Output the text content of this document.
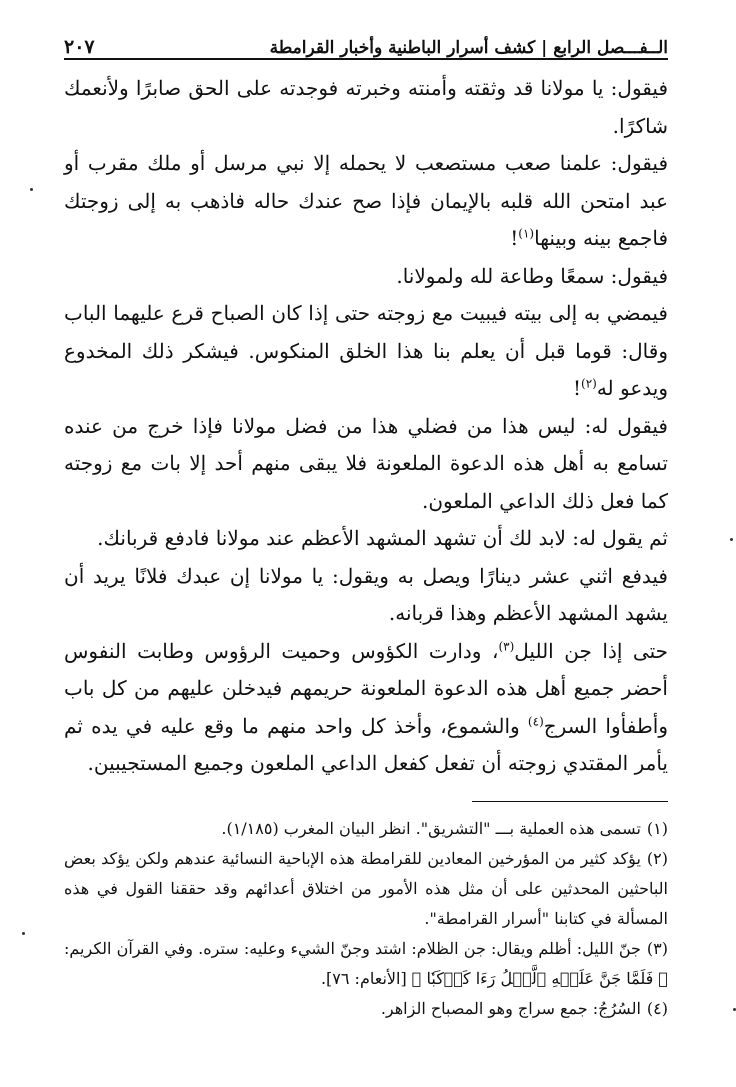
الــفـــصل الرابع | كشف أسرار الباطنية وأخبار القرامطة
٢٠٧

فيقول: يا مولانا قد وثقته وأمنته وخبرته فوجدته على الحق صابرًا ولأنعمك شاكرًا.

فيقول: علمنا صعب مستصعب لا يحمله إلا نبي مرسل أو ملك مقرب أو عبد امتحن الله قلبه بالإيمان فإذا صح عندك حاله فاذهب به إلى زوجتك فاجمع بينه وبينها$^{(١)}$!

فيقول: سمعًا وطاعة لله ولمولانا.

فيمضي به إلى بيته فيبيت مع زوجته حتى إذا كان الصباح قرع عليهما الباب وقال: قوما قبل أن يعلم بنا هذا الخلق المنكوس. فيشكر ذلك المخدوع ويدعو له$^{(٢)}$!

فيقول له: ليس هذا من فضلي هذا من فضل مولانا فإذا خرج من عنده تسامع به أهل هذه الدعوة الملعونة فلا يبقى منهم أحد إلا بات مع زوجته كما فعل ذلك الداعي الملعون.

ثم يقول له: لابد لك أن تشهد المشهد الأعظم عند مولانا فادفع قربانك.

فيدفع اثني عشر دينارًا ويصل به ويقول: يا مولانا إن عبدك فلانًا يريد أن يشهد المشهد الأعظم وهذا قربانه.

حتى إذا جن الليل$^{(٣)}$، ودارت الكؤوس وحميت الرؤوس وطابت النفوس أحضر جميع أهل هذه الدعوة الملعونة حريمهم فيدخلن عليهم من كل باب وأطفأوا السرج$^{(٤)}$ والشموع، وأخذ كل واحد منهم ما وقع عليه في يده ثم يأمر المقتدي زوجته أن تفعل كفعل الداعي الملعون وجميع المستجيبين.

(١)تسمى هذه العملية بـــ "التشريق". انظر البيان المغرب (١/١٨٥).

(٢)يؤكد كثير من المؤرخين المعادين للقرامطة هذه الإباحية النسائية عندهم ولكن يؤكد بعض الباحثين المحدثين على أن مثل هذه الأمور من اختلاق أعدائهم وقد حققنا القول في هذه المسألة في كتابنا "أسرار القرامطة".

(٣)جنّ الليل: أظلم ويقال: جن الظلام: اشتد وجنّ الشيء وعليه: ستره. وفي القرآن الكريم: ﴿ فَلَمَّا جَنَّ عَلَيۡهِ ٱلَّيۡلُ رَءَا كَوۡكَبٗا ﴾ [الأنعام: ٧٦].

(٤)السُرُجُ: جمع سراج وهو المصباح الزاهر.
